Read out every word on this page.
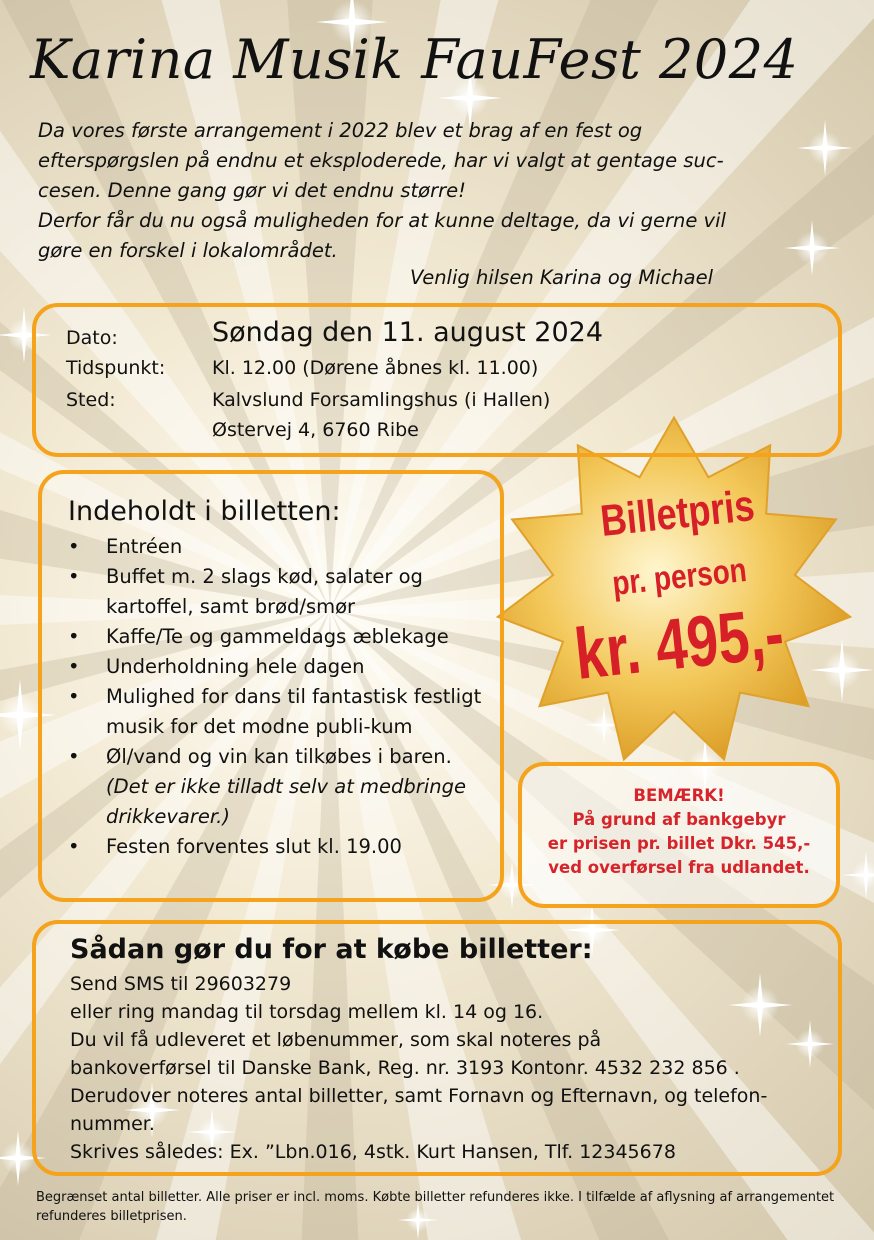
Billetpris
pr. person
kr. 495,-
Karina Musik FauFest 2024

Da vores første arrangement i 2022 blev et brag af en fest og

efterspørgslen på endnu et eksploderede, har vi valgt at gentage suc-

cesen. Denne gang gør vi det endnu større!

Derfor får du nu også muligheden for at kunne deltage, da vi gerne vil

gøre en forskel i lokalområdet.

Venlig hilsen Karina og Michael
Dato:	Søndag den 11. august 2024
Tidspunkt: Kl. 12.00 (Dørene åbnes kl. 11.00)
Sted:	Kalvslund Forsamlingshus (i Hallen)
Østervej 4, 6760 Ribe
Indeholdt i billetten:
• Entréen
• Buffet m. 2 slags kød, salater og kartoffel, samt brød/smør
• Kaffe/Te og gammeldags æblekage
• Underholdning hele dagen
• Mulighed for dans til fantastisk festligt musik for det modne publi-kum
• Øl/vand og vin kan tilkøbes i baren.
(Det er ikke tilladt selv at medbringe drikkevarer.)
• Festen forventes slut kl. 19.00
BEMÆRK!
På grund af bankgebyr
er prisen pr. billet Dkr. 545,-
ved overførsel fra udlandet.
Sådan gør du for at købe billetter:
Send SMS til 29603279
eller ring mandag til torsdag mellem kl. 14 og 16.
Du vil få udleveret et løbenummer, som skal noteres på
bankoverførsel til Danske Bank, Reg. nr. 3193 Kontonr. 4532 232 856 .
Derudover noteres antal billetter, samt Fornavn og Efternavn, og telefon-
nummer.
Skrives således: Ex. ”Lbn.016, 4stk. Kurt Hansen, Tlf. 12345678
Begrænset antal billetter. Alle priser er incl. moms. Købte billetter refunderes ikke. I tilfælde af aflysning af arrangementet refunderes billetprisen.
